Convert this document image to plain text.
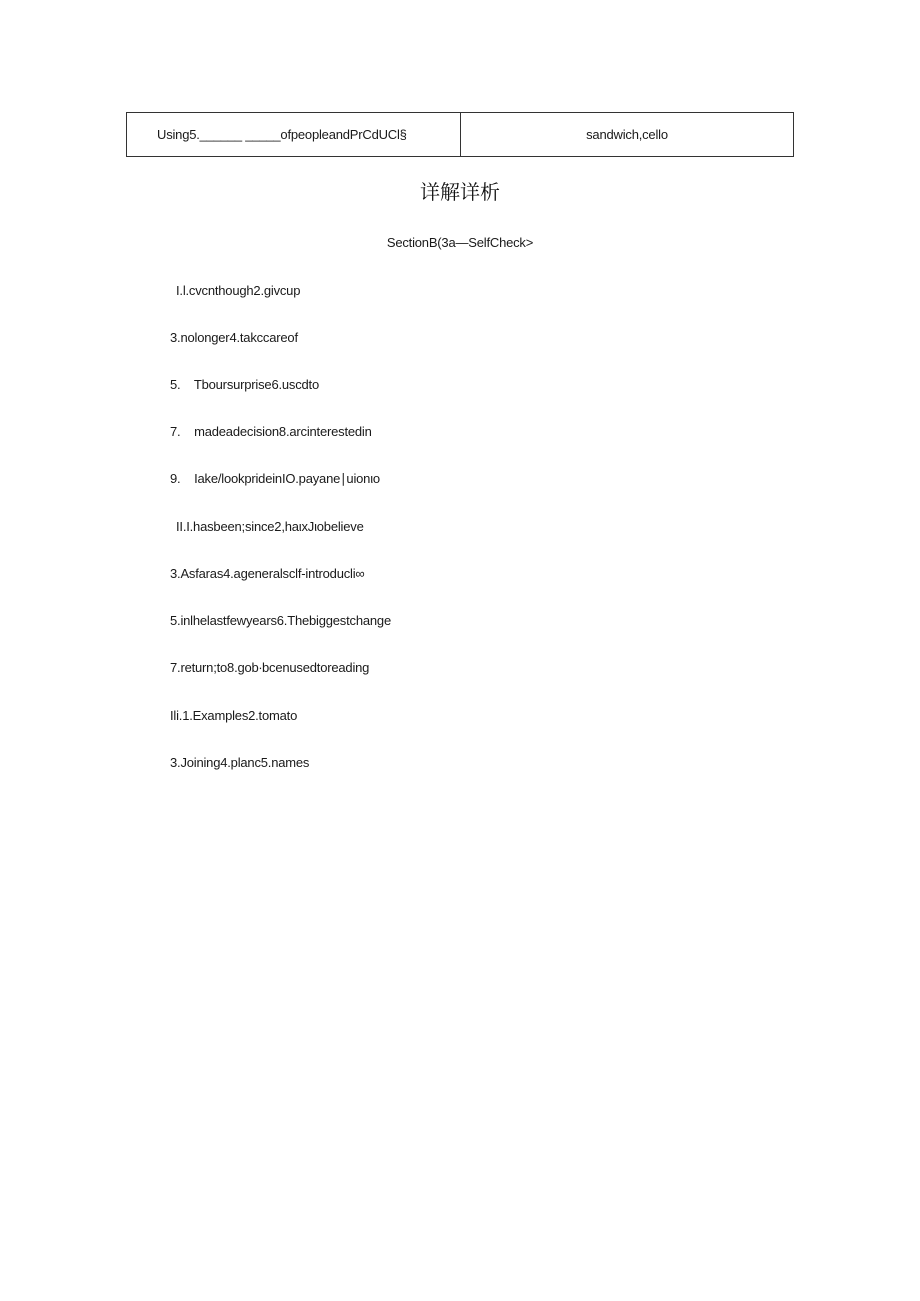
Using5.______ _____ofpeopleandPrCdUCl§	sandwich,cello
详解详析
SectionB(3a—SelfCheck>
I.l.cvcnthough2.givcup
3.nolonger4.takccareof
5.    Tboursurprise6.uscdto
7.    madeadecision8.arcinterestedin
9.    Iake/lookprideinIO.payane∣uionιo
II.I.hasbeen;since2,haιxJιobelieve
3.Asfaras4.ageneralsclf-introducli∞
5.inlhelastfewyears6.Thebiggestchange
7.return;to8.gob∙bcenusedtoreading
Ili.1.Examples2.tomato
3.Joining4.planc5.names
